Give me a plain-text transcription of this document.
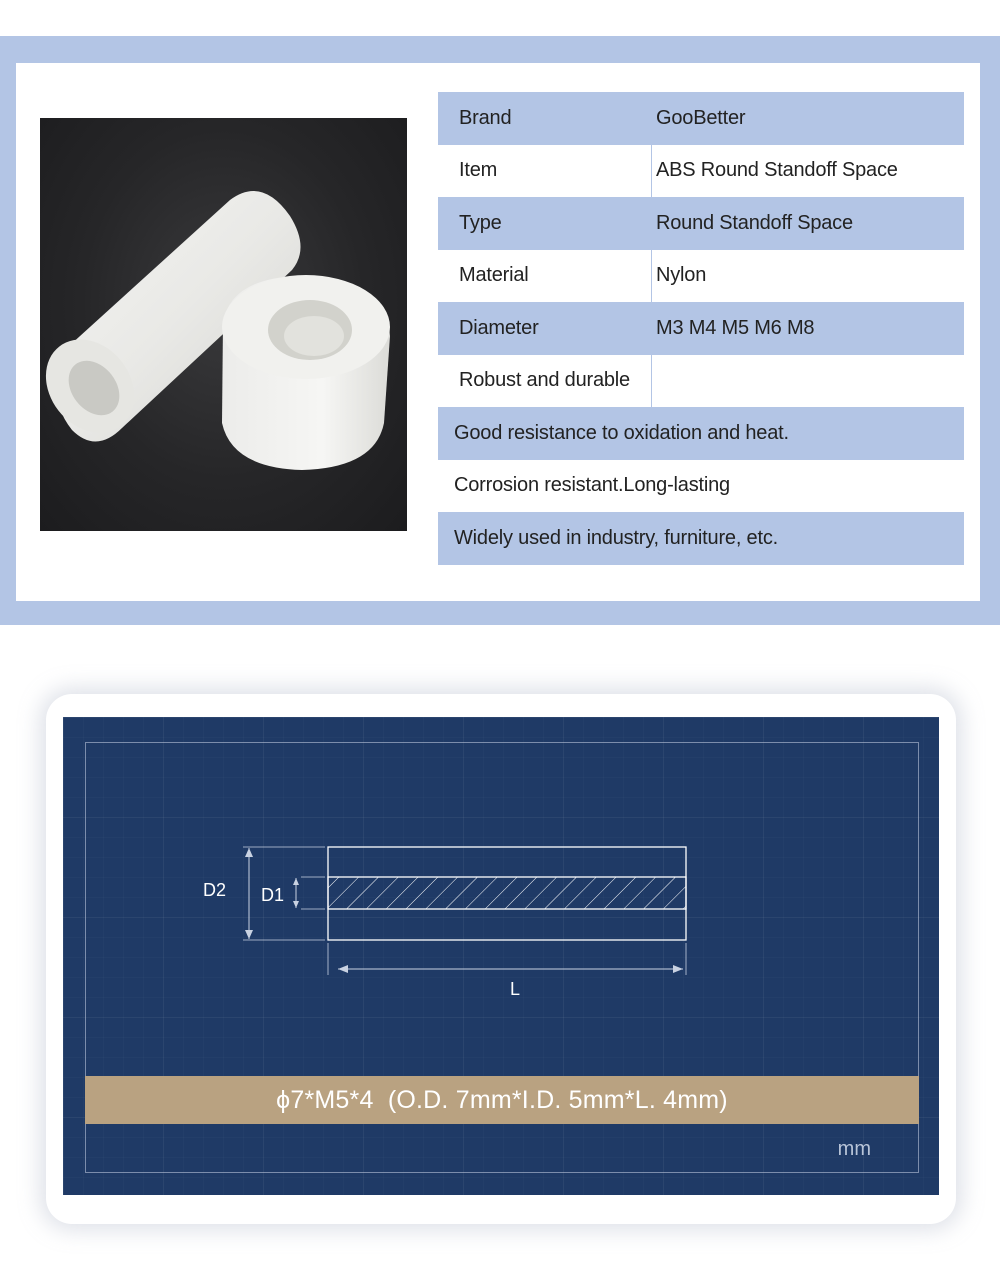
Brand	GooBetter
Item	ABS Round Standoff Space
Type	Round Standoff Space
Material	Nylon
Diameter	M3 M4 M5 M6 M8
Robust and durable
Good resistance to oxidation and heat.
Corrosion resistant.Long-lasting
Widely used in industry, furniture, etc.
D2 D1
L
ϕ7*M5*4  (O.D. 7mm*I.D. 5mm*L. 4mm)
mm
